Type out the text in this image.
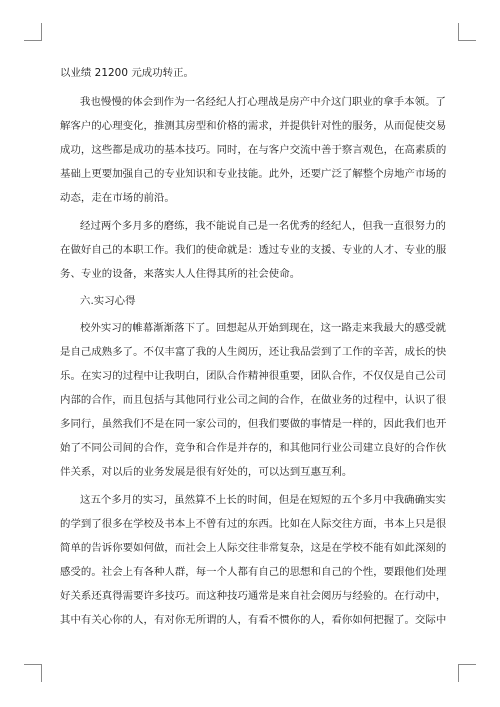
以业绩 21200 元成功转正。
我也慢慢的体会到作为一名经纪人打心理战是房产中介这门职业的拿手本领。了
解客户的心理变化，推测其房型和价格的需求，并提供针对性的服务，从而促使交易
成功，这些都是成功的基本技巧。同时，在与客户交流中善于察言观色，在高素质的
基础上更要加强自己的专业知识和专业技能。此外，还要广泛了解整个房地产市场的
动态，走在市场的前沿。
经过两个多月多的磨练，我不能说自己是一名优秀的经纪人，但我一直很努力的
在做好自己的本职工作。我们的使命就是：透过专业的支援、专业的人才、专业的服
务、专业的设备，来落实人人住得其所的社会使命。
六.实习心得
校外实习的帷幕渐渐落下了。回想起从开始到现在，这一路走来我最大的感受就
是自己成熟多了。不仅丰富了我的人生阅历，还让我品尝到了工作的辛苦，成长的快
乐。在实习的过程中让我明白，团队合作精神很重要，团队合作，不仅仅是自己公司
内部的合作，而且包括与其他同行业公司之间的合作，在做业务的过程中，认识了很
多同行，虽然我们不是在同一家公司的，但我们要做的事情是一样的，因此我们也开
始了不同公司间的合作，竞争和合作是并存的，和其他同行业公司建立良好的合作伙
伴关系，对以后的业务发展是很有好处的，可以达到互惠互利。
这五个多月的实习，虽然算不上长的时间，但是在短短的五个多月中我确确实实
的学到了很多在学校及书本上不曾有过的东西。比如在人际交往方面，书本上只是很
简单的告诉你要如何做，而社会上人际交往非常复杂，这是在学校不能有如此深刻的
感受的。社会上有各种人群，每一个人都有自己的思想和自己的个性，要跟他们处理
好关系还真得需要许多技巧。而这种技巧通常是来自社会阅历与经验的。在行动中，
其中有关心你的人，有对你无所谓的人，有看不惯你的人，看你如何把握了。交际中
